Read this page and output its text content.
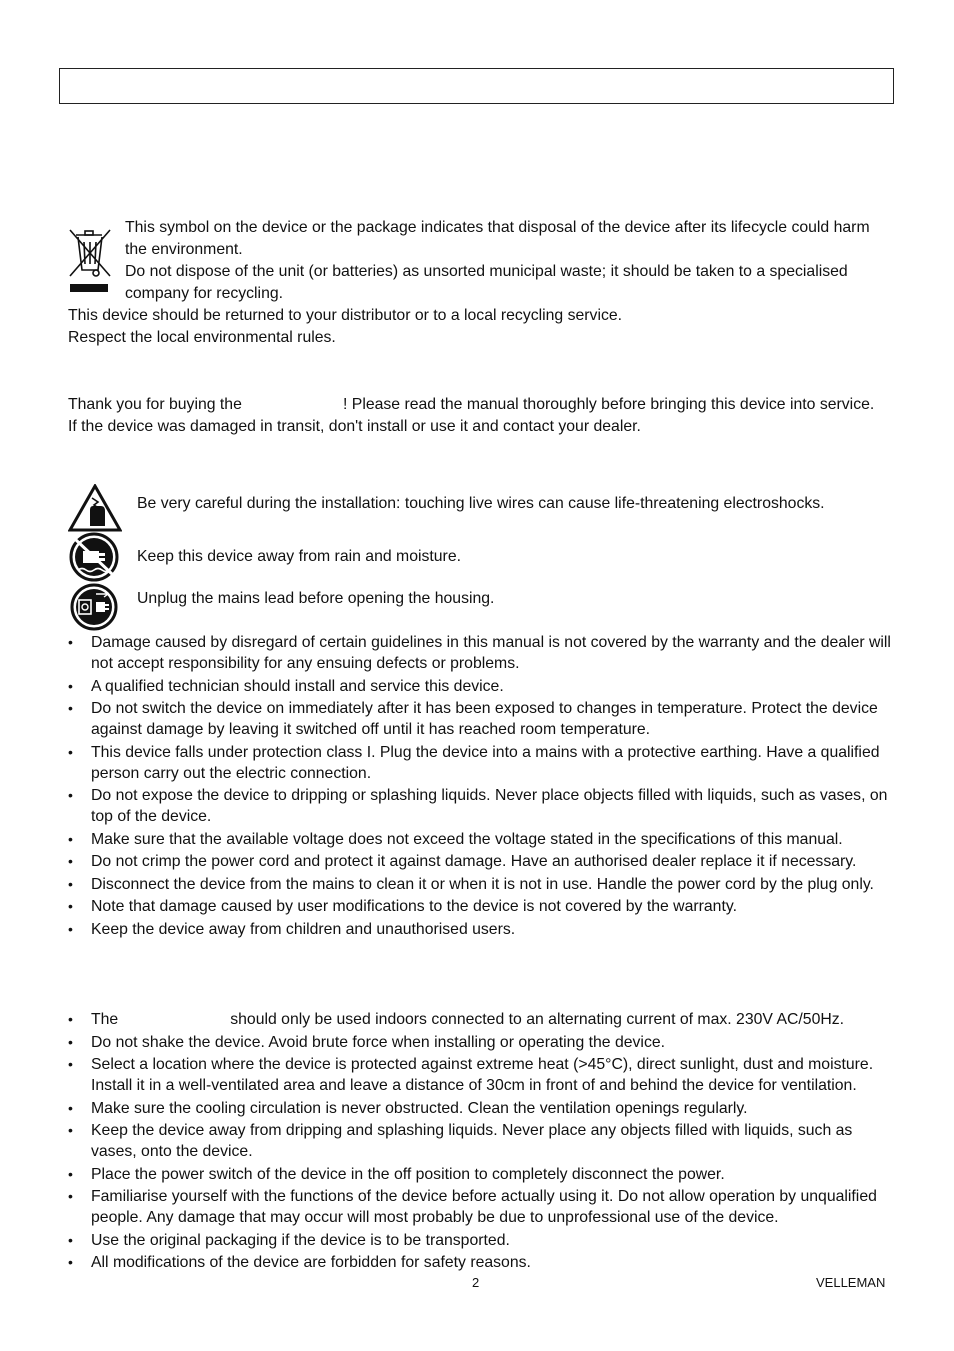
This symbol on the device or the package indicates that disposal of the device after its lifecycle could harm
the environment.
Do not dispose of the unit (or batteries) as unsorted municipal waste; it should be taken to a specialised
company for recycling.
This device should be returned to your distributor or to a local recycling service.
Respect the local environmental rules.
Thank you for buying the	! Please read the manual thoroughly before bringing this device into service.
If the device was damaged in transit, don't install or use it and contact your dealer.
Be very careful during the installation: touching live wires can cause life-threatening electroshocks.
Keep this device away from rain and moisture.
Unplug the mains lead before opening the housing.
• Damage caused by disregard of certain guidelines in this manual is not covered by the warranty and the dealer will not accept responsibility for any ensuing defects or problems.
• A qualified technician should install and service this device.
• Do not switch the device on immediately after it has been exposed to changes in temperature. Protect the device against damage by leaving it switched off until it has reached room temperature.
• This device falls under protection class I. Plug the device into a mains with a protective earthing. Have a qualified person carry out the electric connection.
• Do not expose the device to dripping or splashing liquids. Never place objects filled with liquids, such as vases, on top of the device.
• Make sure that the available voltage does not exceed the voltage stated in the specifications of this manual.
• Do not crimp the power cord and protect it against damage. Have an authorised dealer replace it if necessary.
• Disconnect the device from the mains to clean it or when it is not in use. Handle the power cord by the plug only.
• Note that damage caused by user modifications to the device is not covered by the warranty.
• Keep the device away from children and unauthorised users.
• The	should only be used indoors connected to an alternating current of max. 230V AC/50Hz.
• Do not shake the device. Avoid brute force when installing or operating the device.
• Select a location where the device is protected against extreme heat (>45°C), direct sunlight, dust and moisture. Install it in a well-ventilated area and leave a distance of 30cm in front of and behind the device for ventilation.
• Make sure the cooling circulation is never obstructed. Clean the ventilation openings regularly.
• Keep the device away from dripping and splashing liquids. Never place any objects filled with liquids, such as vases, onto the device.
• Place the power switch of the device in the off position to completely disconnect the power.
• Familiarise yourself with the functions of the device before actually using it. Do not allow operation by unqualified people. Any damage that may occur will most probably be due to unprofessional use of the device.
• Use the original packaging if the device is to be transported.
• All modifications of the device are forbidden for safety reasons.
2	VELLEMAN
